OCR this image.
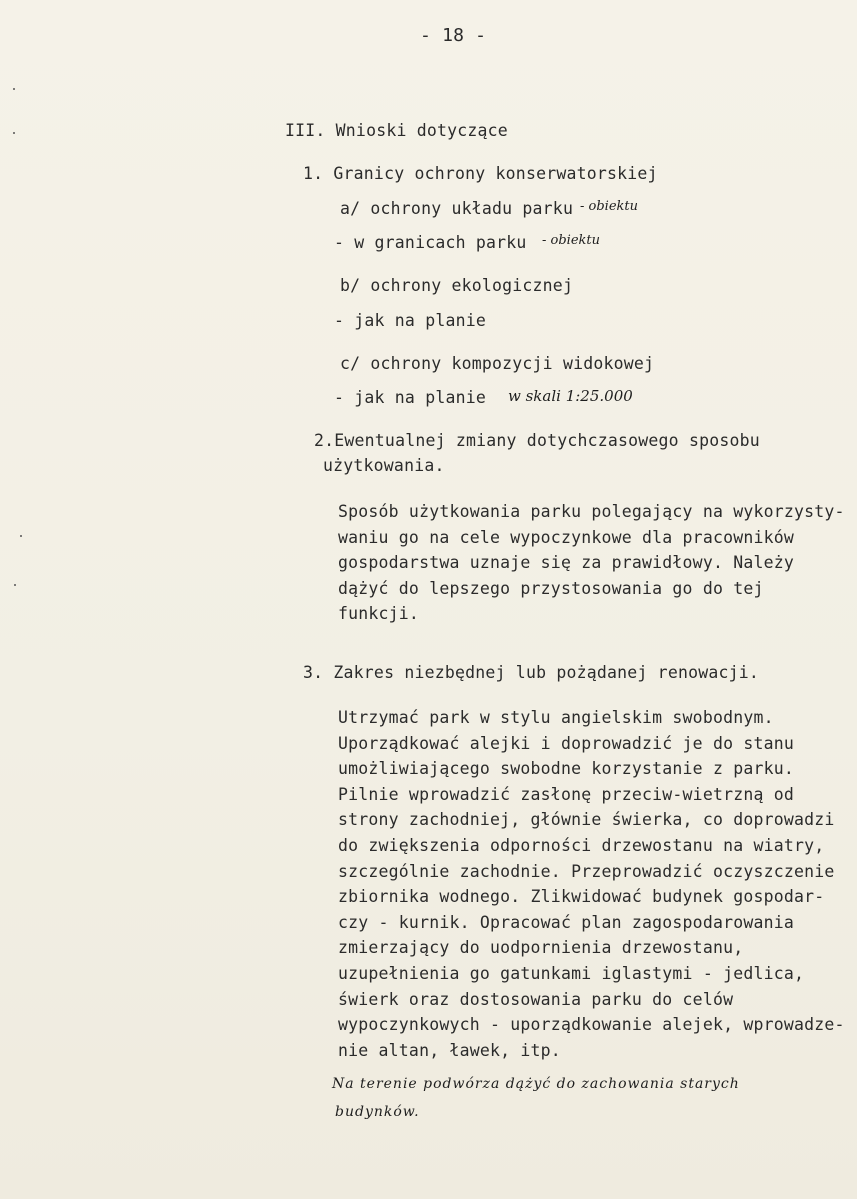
- 18 -
III. Wnioski dotyczące
1. Granicy ochrony konserwatorskiej
a/ ochrony układu parku - obiektu
- w granicach parku - obiektu
b/ ochrony ekologicznej
- jak na planie
c/ ochrony kompozycji widokowej
- jak na planie w skali 1:25.000
2.Ewentualnej zmiany dotychczasowego sposobu
użytkowania.
Sposób użytkowania parku polegający na wykorzysty-
waniu go na cele wypoczynkowe dla pracowników
gospodarstwa uznaje się za prawidłowy. Należy
dążyć do lepszego przystosowania go do tej
funkcji.
3. Zakres niezbędnej lub pożądanej renowacji.
Utrzymać park w stylu angielskim swobodnym.
Uporządkować alejki i doprowadzić je do stanu
umożliwiającego swobodne korzystanie z parku.
Pilnie wprowadzić zasłonę przeciw-wietrzną od
strony zachodniej, głównie świerka, co doprowadzi
do zwiększenia odporności drzewostanu na wiatry,
szczególnie zachodnie. Przeprowadzić oczyszczenie
zbiornika wodnego. Zlikwidować budynek gospodar-
czy - kurnik. Opracować plan zagospodarowania
zmierzający do uodpornienia drzewostanu,
uzupełnienia go gatunkami iglastymi - jedlica,
świerk oraz dostosowania parku do celów
wypoczynkowych - uporządkowanie alejek, wprowadze-
nie altan, ławek, itp.
Na terenie podwórza dążyć do zachowania starych
budynków.
